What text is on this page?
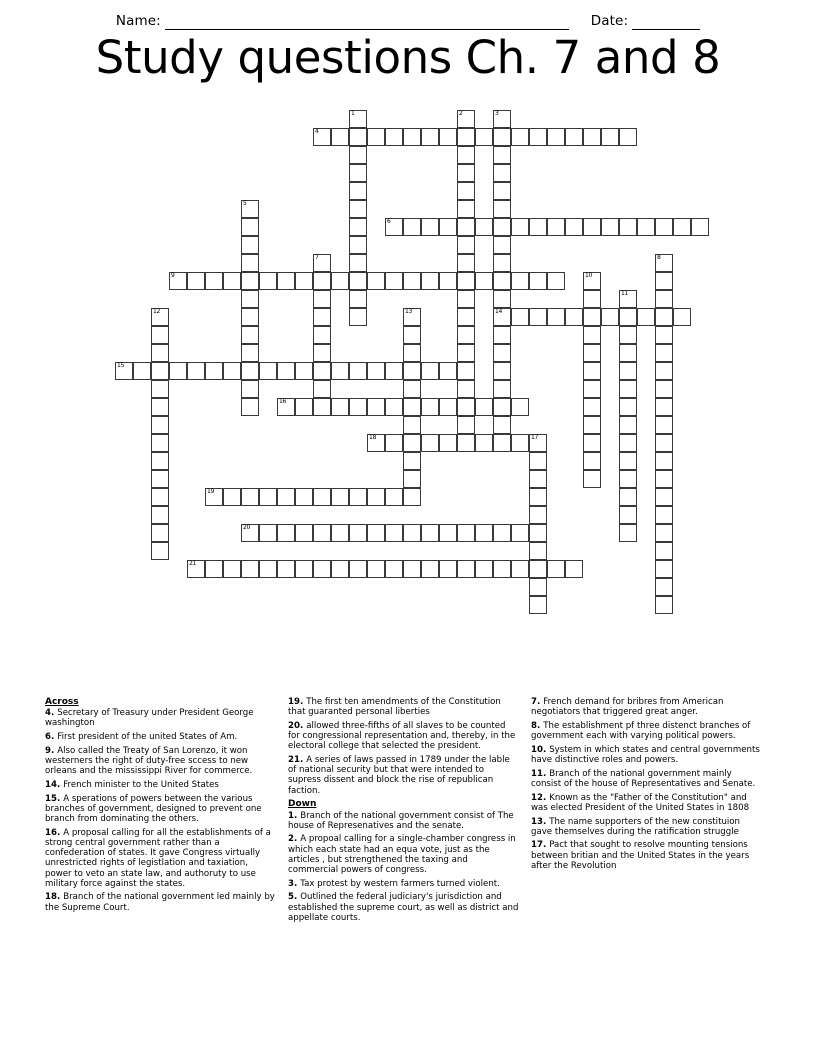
Name:	Date:
Study questions Ch. 7 and 8
1	2	3
14
4
5
6
7	8
9	10
11
12	13
15
16
17
18
19
20
21
Across
4. Secretary of Treasury under President George washington
6. First president of the united States of Am.
9. Also called the Treaty of San Lorenzo, it won westerners the right of duty-free sccess to new orleans and the mississippi River for commerce.
14. French minister to the United States
15. A sperations of powers between the various branches of government, designed to prevent one branch from dominating the others.
16. A proposal calling for all the establishments of a strong central government rather than a confederation of states. It gave Congress virtually unrestricted rights of legistlation and taxiation, power to veto an state law, and authoruty to use military force against the states.
18. Branch of the national government led mainly by the Supreme Court.
19. The first ten amendments of the Constitution that guaranted personal liberties
20. allowed three-fifths of all slaves to be counted for congressional representation and, thereby, in the electoral college that selected the president.
21. A series of laws passed in 1789 under the lable of national security but that were intended to supress dissent and block the rise of republican faction.
Down
1. Branch of the national government consist of The house of Represenatives and the senate.
2. A propoal calling for a single-chamber congress in which each state had an equa vote, just as the articles , but strengthened the taxing and commercial powers of congress.
3. Tax protest by western farmers turned violent.
5. Outlined the federal judiciary's jurisdiction and established the supreme court, as well as district and appellate courts.
7. French demand for bribres from American negotiators that triggered great anger.
8. The establishment pf three distenct branches of government each with varying political powers.
10. System in which states and central governments have distinctive roles and powers.
11. Branch of the national government mainly consist of the house of Representatives and Senate.
12. Known as the "Father of the Constitution" and was elected President of the United States in 1808
13. The name supporters of the new constituion gave themselves during the ratification struggle
17. Pact that sought to resolve mounting tensions between britian and the United States in the years after the Revolution
